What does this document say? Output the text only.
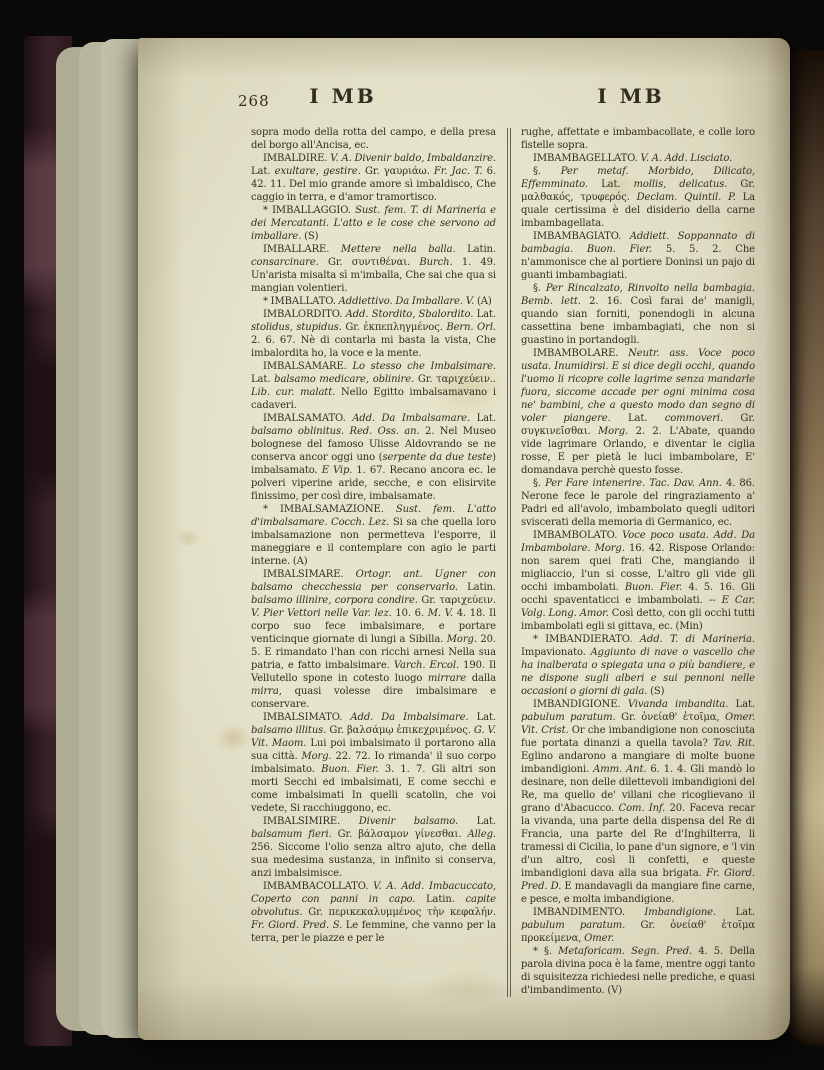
268	I MB	I MB

sopra modo della rotta del campo, e della presa del borgo all'Ancisa, ec.

IMBALDIRE. V. A. Divenir baldo, Imbaldanzire. Lat. exultare, gestire. Gr. γαυριάω. Fr. Jac. T. 6. 42. 11. Del mio grande amore sì imbaldisco, Che caggio in terra, e d'amor tramortisco.

* IMBALLAGGIO. Sust. fem. T. di Marineria e dei Mercatanti. L'atto e le cose che servono ad imballare. (S)

IMBALLARE. Mettere nella balla. Latin. consarcinare. Gr. συντιθέναι. Burch. 1. 49. Un'arista misalta sì m'imballa, Che sai che qua si mangian volentieri.

* IMBALLATO. Addiettivo. Da Imballare. V. (A)

IMBALORDITO. Add. Stordito, Sbalordito. Lat. stolidus, stupidus. Gr. ἐκπεπληγμένος. Bern. Orl. 2. 6. 67. Nè di contarla mi basta la vista, Che imbalordita ho, la voce e la mente.

IMBALSAMARE. Lo stesso che Imbalsimare. Lat. balsamo medicare, oblinire. Gr. ταριχεύειν.. Lib. cur. malatt. Nello Egitto imbalsamavano i cadaveri.

IMBALSAMATO. Add. Da Imbalsamare. Lat. balsamo oblinitus. Red. Oss. an. 2. Nel Museo bolognese del famoso Ulisse Aldovrando se ne conserva ancor oggi uno (serpente da due teste) imbalsamato. E Vip. 1. 67. Recano ancora ec. le polveri viperine aride, secche, e con elisirvite finissimo, per così dire, imbalsamate.

* IMBALSAMAZIONE. Sust. fem. L'atto d'imbalsamare. Cocch. Lez. Si sa che quella loro imbalsamazione non permetteva l'esporre, il maneggiare e il contemplare con agio le parti interne. (A)

IMBALSIMARE. Ortogr. ant. Ugner con balsamo checchessia per conservarlo. Latin. balsamo illinire, corpora condire. Gr. ταριχεύειν. V. Pier Vettori nelle Var. lez. 10. 6. M. V. 4. 18. Il corpo suo fece imbalsimare, e portare venticinque giornate di lungi a Sibilla. Morg. 20. 5. E rimandato l'han con ricchi arnesi Nella sua patria, e fatto imbalsimare. Varch. Ercol. 190. Il Vellutello spone in cotesto luogo mirrare dalla mirra, quasi volesse dire imbalsimare e conservare.

IMBALSIMATO. Add. Da Imbalsimare. Lat. balsamo illitus. Gr. βαλσάμῳ ἐπικεχριμένος. G. V. Vit. Maom. Lui poi imbalsimato il portarono alla sua città. Morg. 22. 72. Io rimanda' il suo corpo imbalsimato. Buon. Fier. 3. 1. 7. Gli altri son morti Secchi ed imbalsimati, E come secchi e come imbalsimati In quelli scatolin, che voi vedete, Si racchiuggono, ec.

IMBALSIMIRE. Divenir balsamo. Lat. balsamum fieri. Gr. βάλσαμον γίνεσθαι. Alleg. 256. Siccome l'olio senza altro ajuto, che della sua medesima sustanza, in infinito si conserva, anzi imbalsimisce.

IMBAMBACOLLATO. V. A. Add. Imbacuccato, Coperto con panni in capo. Latin. capite obvolutus. Gr. περικεκαλυμμένος τὴν κεφαλήν. Fr. Giord. Pred. S. Le femmine, che vanno per la terra, per le piazze e per le

rughe, affettate e imbambacollate, e colle loro fistelle sopra.

IMBAMBAGELLATO. V. A. Add. Lisciato.

§. Per metaf. Morbido, Dilicato, Effemminato. Lat. mollis, delicatus. Gr. μαλθακός, τρυφερός. Declam. Quintil. P. La quale certissima è del disiderio della carne imbambagellata.

IMBAMBAGIATO. Addiett. Soppannato di bambagia. Buon. Fier. 5. 5. 2. Che n'ammonisce che al portiere Doninsi un pajo di guanti imbambagiati.

§. Per Rincalzato, Rinvolto nella bambagia. Bemb. lett. 2. 16. Così farai de' manigli, quando sian forniti, ponendogli in alcuna cassettina bene imbambagiati, che non si guastino in portandogli.

IMBAMBOLARE. Neutr. ass. Voce poco usata. Inumidirsi. E si dice degli occhi, quando l'uomo li ricopre colle lagrime senza mandarle fuora, siccome accade per ogni minima cosa ne' bambini, che a questo modo dan segno di voler piangere. Lat. commoveri. Gr. συγκινεῖσθαι. Morg. 2. 2. L'Abate, quando vide lagrimare Orlando, e diventar le ciglia rosse, E per pietà le luci imbambolare, E' domandava perchè questo fosse.

§. Per Fare intenerire. Tac. Dav. Ann. 4. 86. Nerone fece le parole del ringraziamento a' Padri ed all'avolo, imbambolato quegli uditori sviscerati della memoria di Germanico, ec.

IMBAMBOLATO. Voce poco usata. Add. Da Imbambolare. Morg. 16. 42. Rispose Orlando: non sarem quei frati Che, mangiando il migliaccio, l'un si cosse, L'altro gli vide gli occhi imbambolati. Buon. Fier. 4. 5. 16. Gli occhi spaventaticci e imbambolati. -- E Car. Volg. Long. Amor. Così detto, con gli occhi tutti imbambolati egli si gittava, ec. (Min)

* IMBANDIERATO. Add. T. di Marineria. Impavionato. Aggiunto di nave o vascello che ha inalberata o spiegata una o più bandiere, e ne dispone sugli alberi e sui pennoni nelle occasioni o giorni di gala. (S)

IMBANDIGIONE. Vivanda imbandita. Lat. pabulum paratum. Gr. ὀνείαθ' ἑτοῖμα, Omer. Vit. Crist. Or che imbandigione non conosciuta fue portata dinanzi a quella tavola? Tav. Rit. Eglino andarono a mangiare di molte buone imbandigioni. Amm. Ant. 6. 1. 4. Gli mandò lo desinare, non delle dilettevoli imbandigioni del Re, ma quello de' villani che ricoglievano il grano d'Abacucco. Com. Inf. 20. Faceva recar la vivanda, una parte della dispensa del Re di Francia, una parte del Re d'Inghilterra, li tramessi di Cicilia, lo pane d'un signore, e 'l vin d'un altro, così li confetti, e queste imbandigioni dava alla sua brigata. Fr. Giord. Pred. D. E mandavagli da mangiare fine carne, e pesce, e molta imbandigione.

IMBANDIMENTO. Imbandigione. Lat. pabulum paratum. Gr. ὀνείαθ' ἑτοῖμα προκείμενα, Omer.

* §. Metaforicam. Segn. Pred. 4. 5. Della parola divina poca è la fame, mentre oggi tanto di squisitezza richiedesi nelle prediche, e quasi d'imbandimento. (V)
